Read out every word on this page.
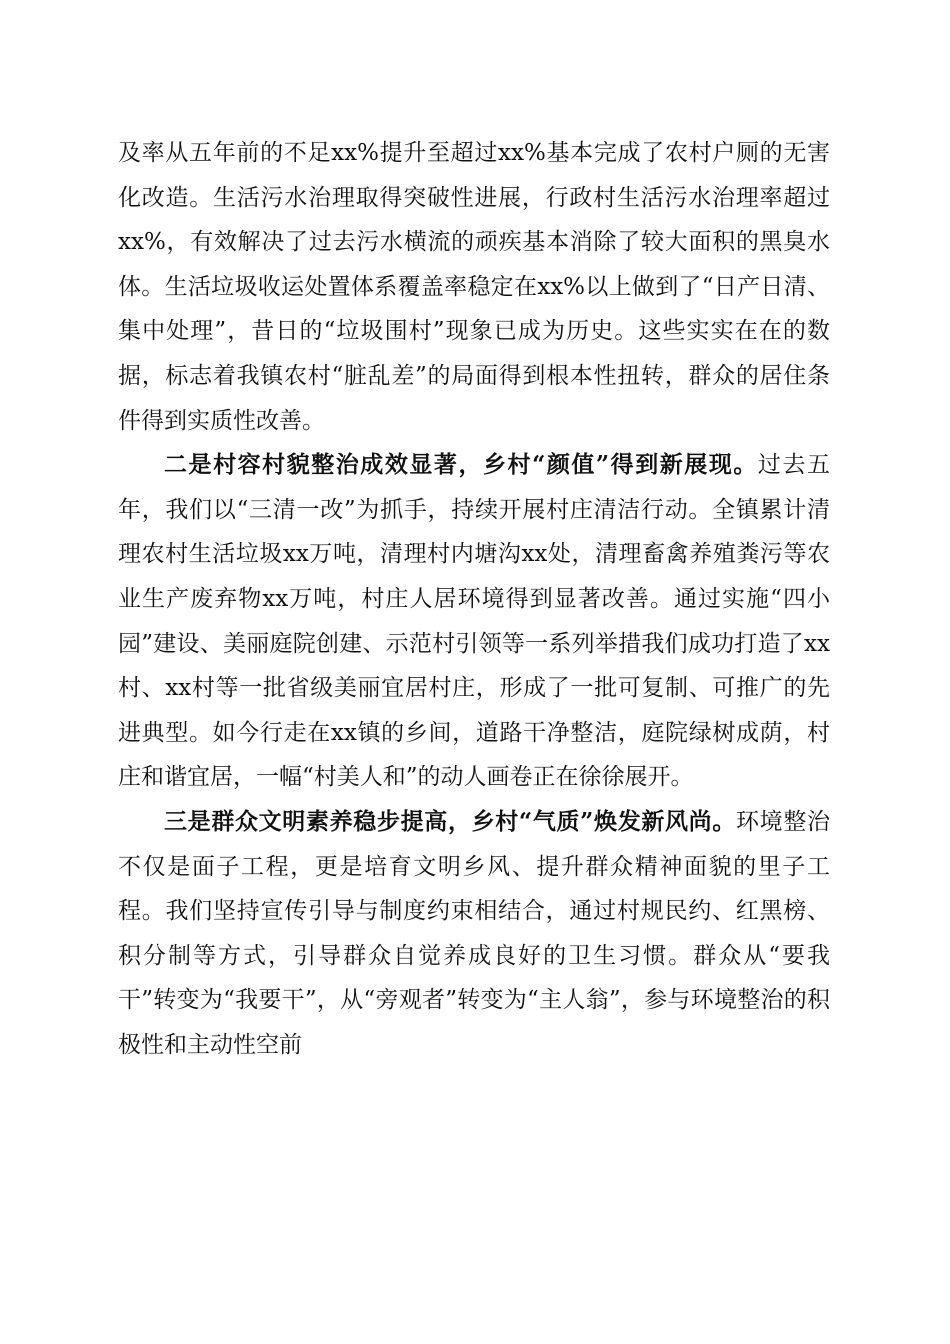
及率从五年前的不足xx%提升至超过xx%基本完成了农村户厕的无害化改造。生活污水治理取得突破性进展，行政村生活污水治理率超过xx%，有效解决了过去污水横流的顽疾基本消除了较大面积的黑臭水体。生活垃圾收运处置体系覆盖率稳定在xx%以上做到了“日产日清、集中处理”，昔日的“垃圾围村”现象已成为历史。这些实实在在的数据，标志着我镇农村“脏乱差”的局面得到根本性扭转，群众的居住条件得到实质性改善。

二是村容村貌整治成效显著，乡村“颜值”得到新展现。过去五年，我们以“三清一改”为抓手，持续开展村庄清洁行动。全镇累计清理农村生活垃圾xx万吨，清理村内塘沟xx处，清理畜禽养殖粪污等农业生产废弃物xx万吨，村庄人居环境得到显著改善。通过实施“四小园”建设、美丽庭院创建、示范村引领等一系列举措我们成功打造了xx村、xx村等一批省级美丽宜居村庄，形成了一批可复制、可推广的先进典型。如今行走在xx镇的乡间，道路干净整洁，庭院绿树成荫，村庄和谐宜居，一幅“村美人和”的动人画卷正在徐徐展开。

三是群众文明素养稳步提高，乡村“气质”焕发新风尚。环境整治不仅是面子工程，更是培育文明乡风、提升群众精神面貌的里子工程。我们坚持宣传引导与制度约束相结合，通过村规民约、红黑榜、积分制等方式，引导群众自觉养成良好的卫生习惯。群众从“要我干”转变为“我要干”，从“旁观者”转变为“主人翁”，参与环境整治的积极性和主动性空前
